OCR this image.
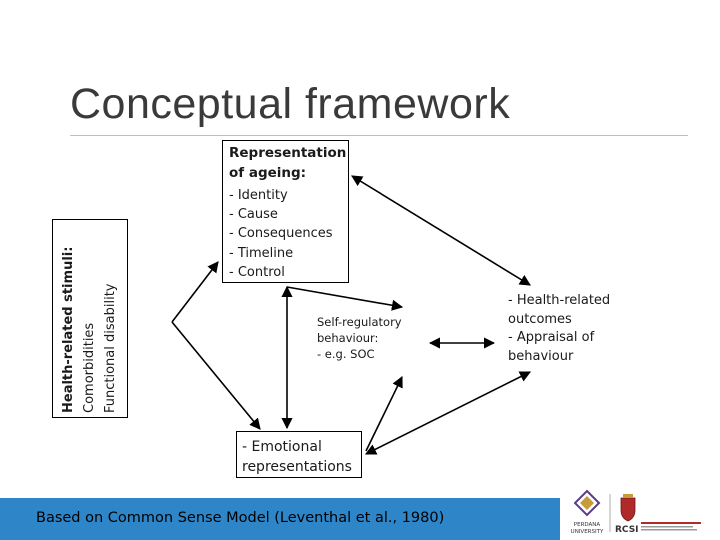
Conceptual framework
Health-related stimuli: Comorbidities Functional disability
Representation of ageing:
- Identity
- Cause
- Consequences
- Timeline
- Control
Self-regulatory
behaviour:
- e.g. SOC
- Emotional representations
- Health-related
outcomes
- Appraisal of
behaviour
Based on Common Sense Model (Leventhal et al., 1980)	PERDANA
UNIVERSITY RCSI
